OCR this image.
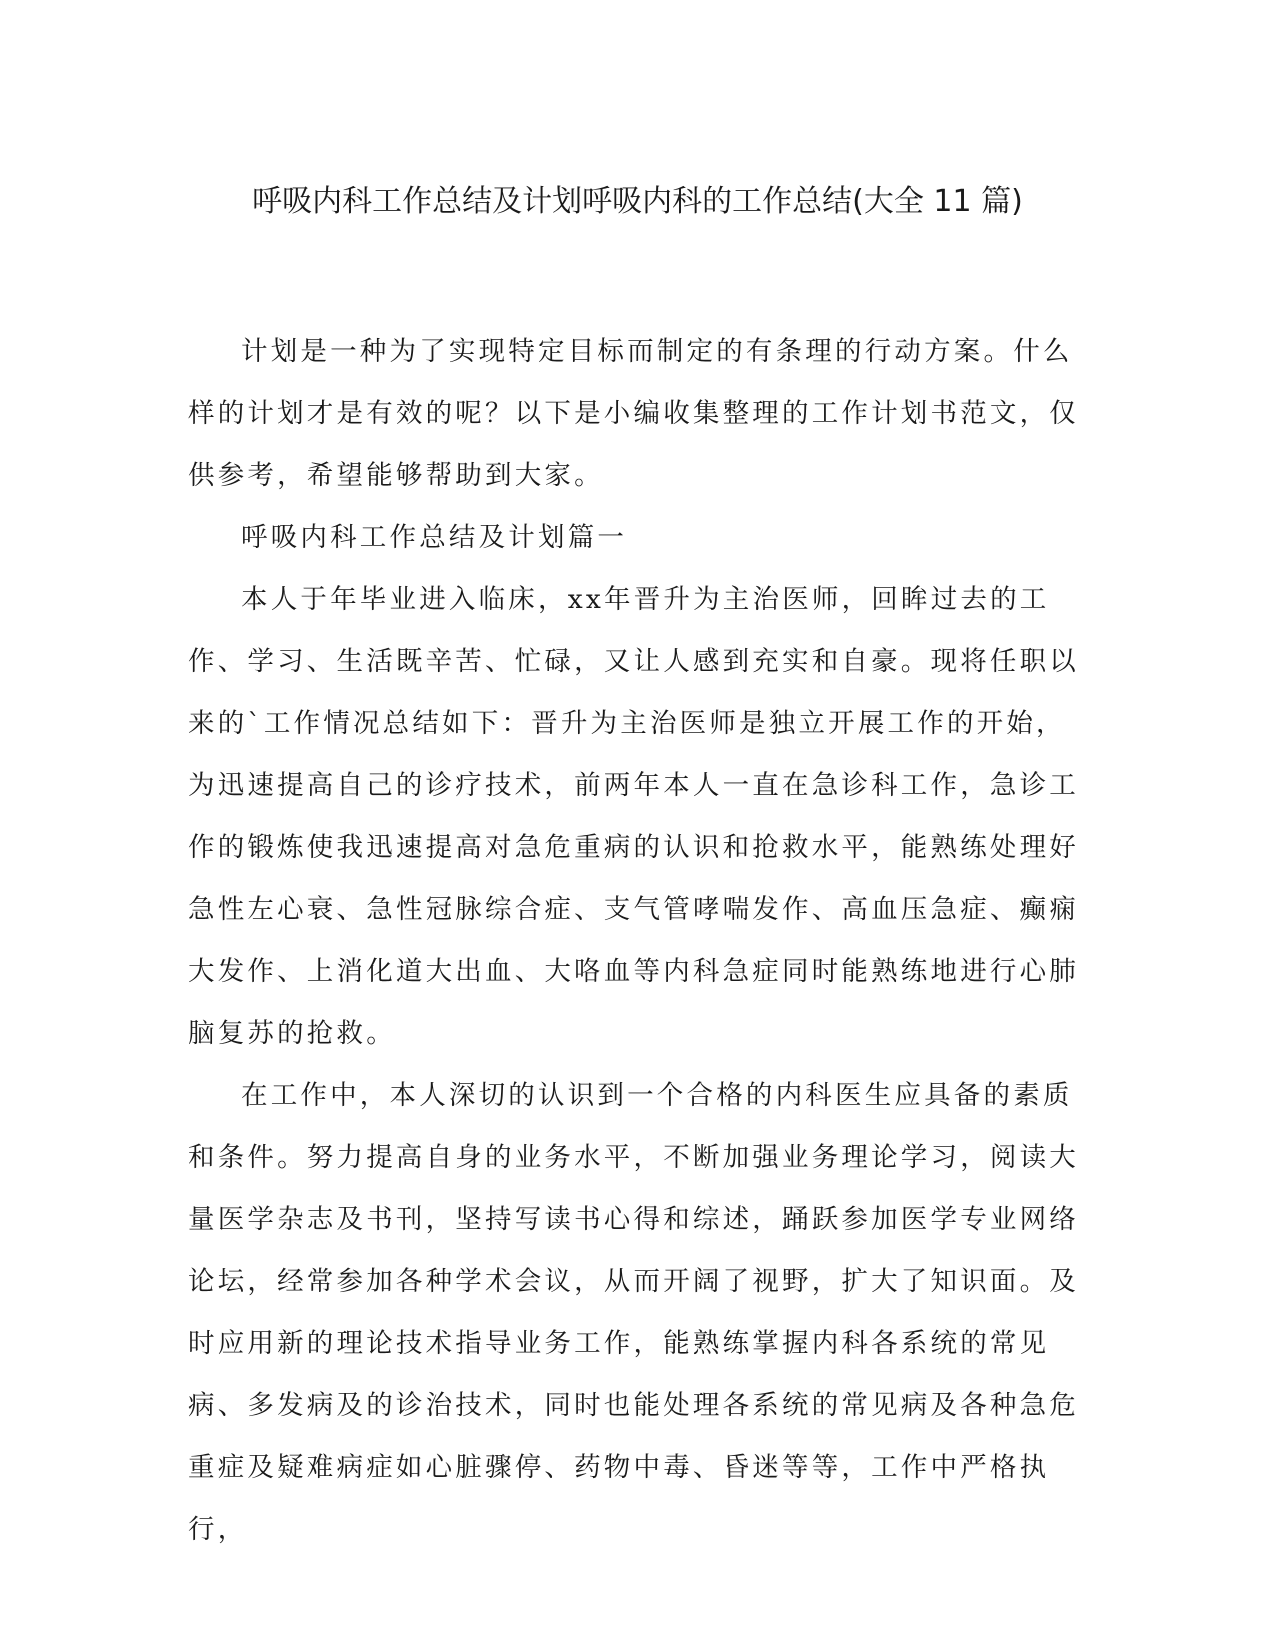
呼吸内科工作总结及计划呼吸内科的工作总结(大全 11 篇)

计划是一种为了实现特定目标而制定的有条理的行动方案。什么样的计划才是有效的呢？以下是小编收集整理的工作计划书范文，仅供参考，希望能够帮助到大家。

呼吸内科工作总结及计划篇一

本人于年毕业进入临床，xx年晋升为主治医师，回眸过去的工作、学习、生活既辛苦、忙碌，又让人感到充实和自豪。现将任职以来的`工作情况总结如下：晋升为主治医师是独立开展工作的开始，为迅速提高自己的诊疗技术，前两年本人一直在急诊科工作，急诊工作的锻炼使我迅速提高对急危重病的认识和抢救水平，能熟练处理好急性左心衰、急性冠脉综合症、支气管哮喘发作、高血压急症、癫痫大发作、上消化道大出血、大咯血等内科急症同时能熟练地进行心肺脑复苏的抢救。

在工作中，本人深切的认识到一个合格的内科医生应具备的素质和条件。努力提高自身的业务水平，不断加强业务理论学习，阅读大量医学杂志及书刊，坚持写读书心得和综述，踊跃参加医学专业网络论坛，经常参加各种学术会议，从而开阔了视野，扩大了知识面。及时应用新的理论技术指导业务工作，能熟练掌握内科各系统的常见病、多发病及的诊治技术，同时也能处理各系统的常见病及各种急危重症及疑难病症如心脏骤停、药物中毒、昏迷等等，工作中严格执行，
